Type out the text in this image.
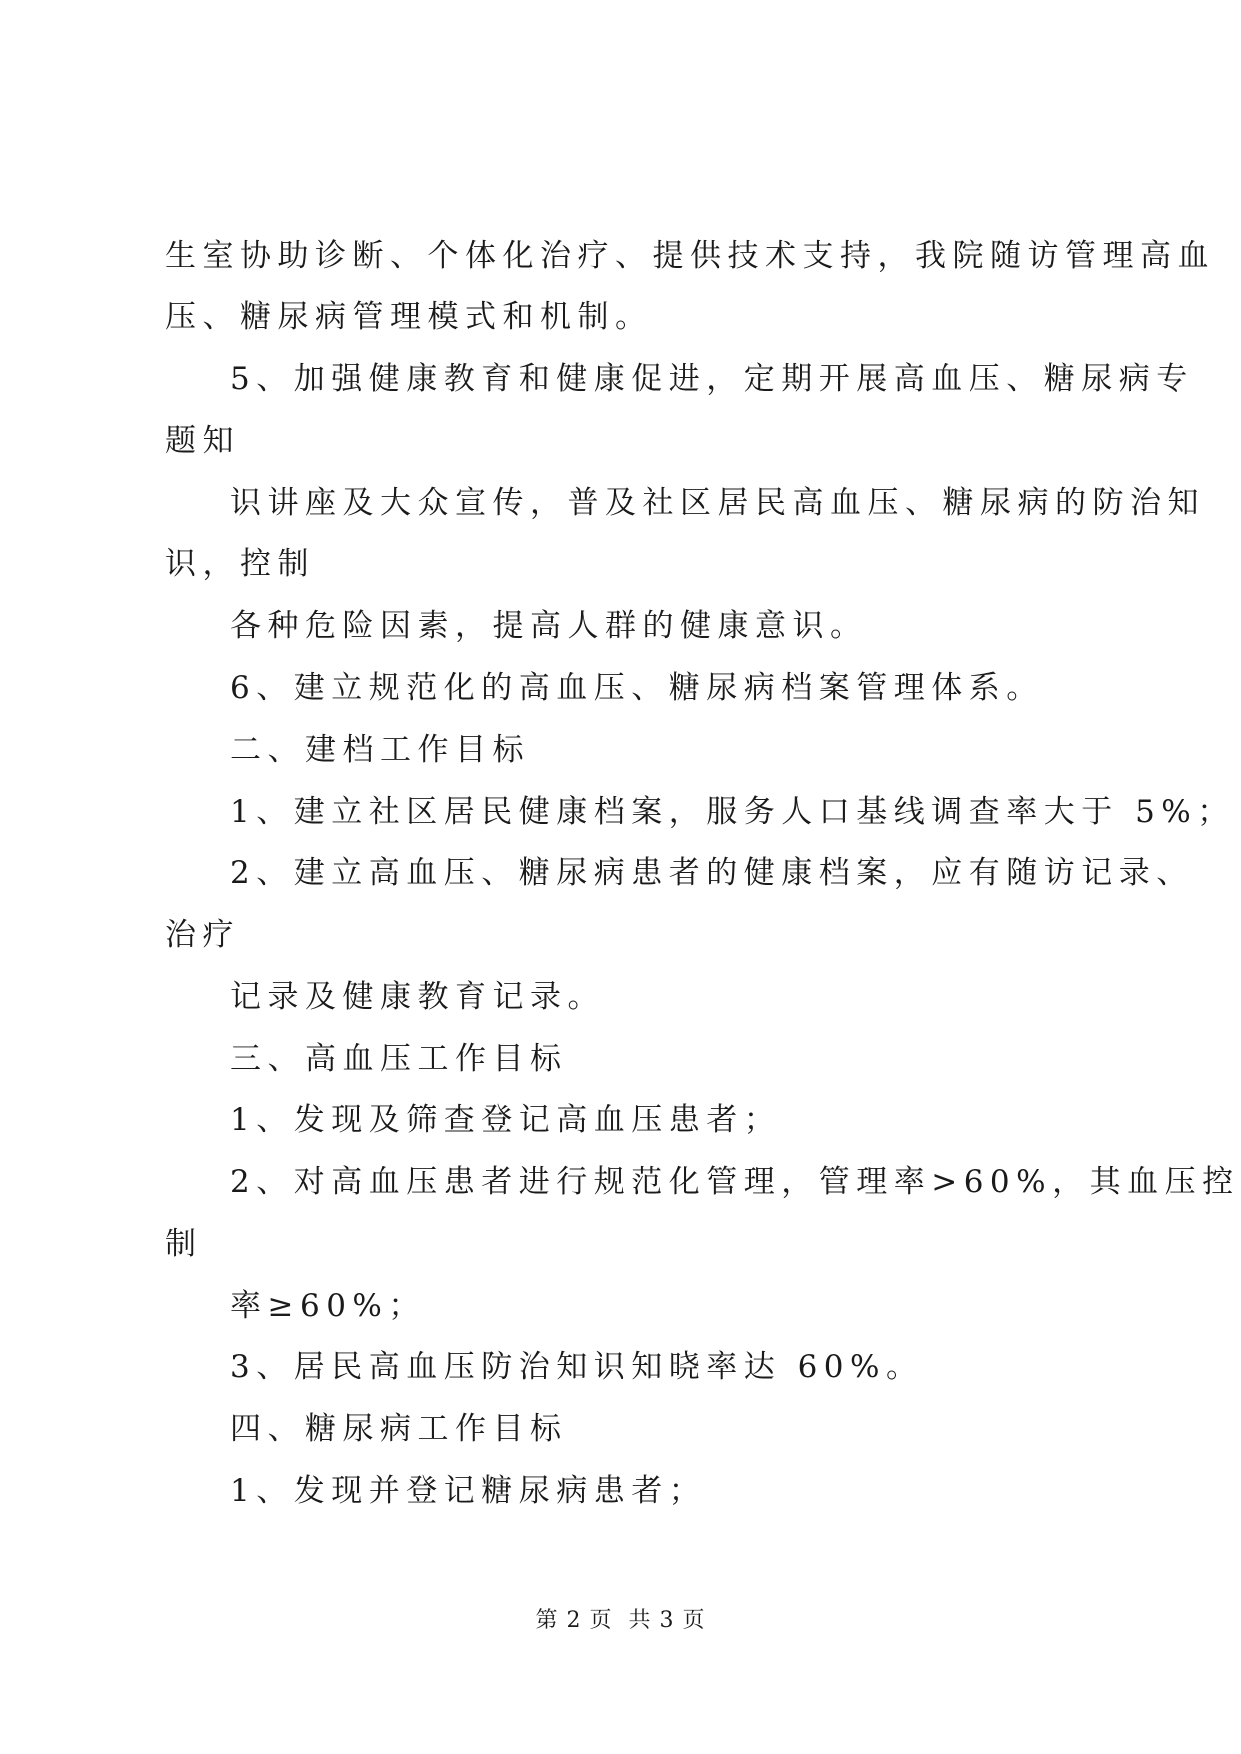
生室协助诊断、个体化治疗、提供技术支持，我院随访管理高血
压、糖尿病管理模式和机制。
5、加强健康教育和健康促进，定期开展高血压、糖尿病专
题知
识讲座及大众宣传，普及社区居民高血压、糖尿病的防治知
识，控制
各种危险因素，提高人群的健康意识。
6、建立规范化的高血压、糖尿病档案管理体系。
二、建档工作目标
1、建立社区居民健康档案，服务人口基线调查率大于 5%；
2、建立高血压、糖尿病患者的健康档案，应有随访记录、
治疗
记录及健康教育记录。
三、高血压工作目标
1、发现及筛查登记高血压患者；
2、对高血压患者进行规范化管理，管理率>60%，其血压控
制
率≥60%；
3、居民高血压防治知识知晓率达 60%。
四、糖尿病工作目标
1、发现并登记糖尿病患者；
第 2 页 共 3 页
